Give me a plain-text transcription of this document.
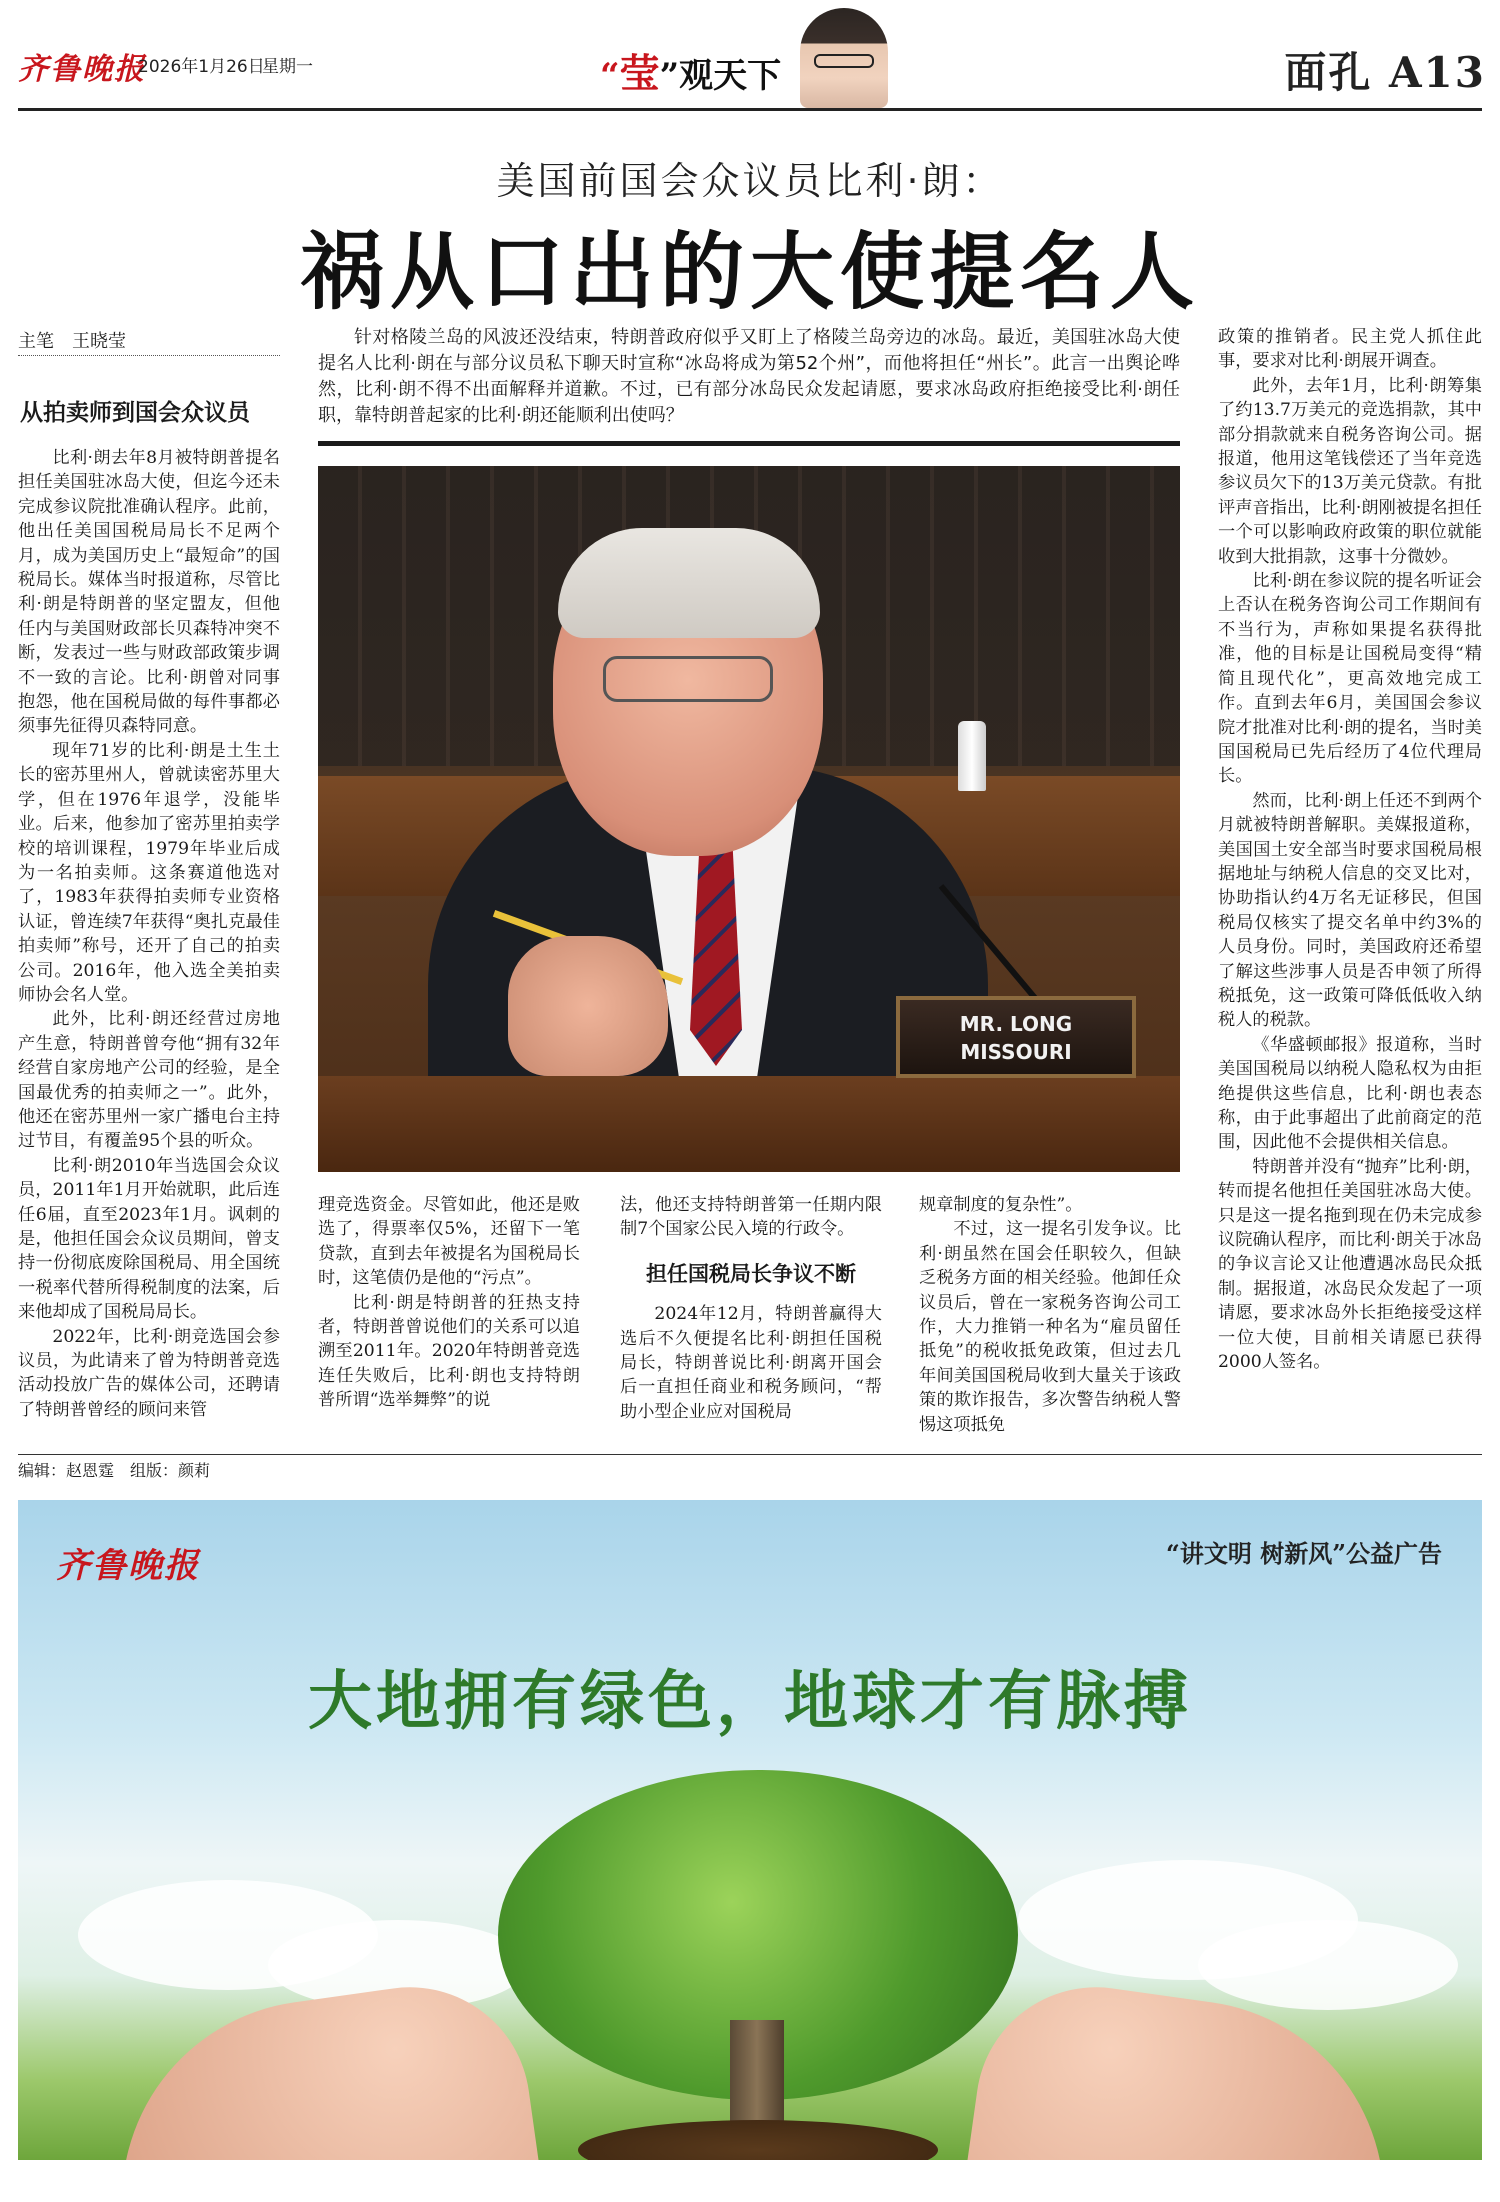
齐鲁晚报
2026年1月26日
星期一	“莹”观天下	面孔 A13
美国前国会众议员比利·朗：
祸从口出的大使提名人
主笔　王晓莹
从拍卖师到国会众议员

比利·朗去年8月被特朗普提名担任美国驻冰岛大使，但迄今还未完成参议院批准确认程序。此前，他出任美国国税局局长不足两个月，成为美国历史上“最短命”的国税局长。媒体当时报道称，尽管比利·朗是特朗普的坚定盟友，但他任内与美国财政部长贝森特冲突不断，发表过一些与财政部政策步调不一致的言论。比利·朗曾对同事抱怨，他在国税局做的每件事都必须事先征得贝森特同意。

现年71岁的比利·朗是土生土长的密苏里州人，曾就读密苏里大学，但在1976年退学，没能毕业。后来，他参加了密苏里拍卖学校的培训课程，1979年毕业后成为一名拍卖师。这条赛道他选对了，1983年获得拍卖师专业资格认证，曾连续7年获得“奥扎克最佳拍卖师”称号，还开了自己的拍卖公司。2016年，他入选全美拍卖师协会名人堂。

此外，比利·朗还经营过房地产生意，特朗普曾夸他“拥有32年经营自家房地产公司的经验，是全国最优秀的拍卖师之一”。此外，他还在密苏里州一家广播电台主持过节目，有覆盖95个县的听众。

比利·朗2010年当选国会众议员，2011年1月开始就职，此后连任6届，直至2023年1月。讽刺的是，他担任国会众议员期间，曾支持一份彻底废除国税局、用全国统一税率代替所得税制度的法案，后来他却成了国税局局长。

2022年，比利·朗竞选国会参议员，为此请来了曾为特朗普竞选活动投放广告的媒体公司，还聘请了特朗普曾经的顾问来管

针对格陵兰岛的风波还没结束，特朗普政府似乎又盯上了格陵兰岛旁边的冰岛。最近，美国驻冰岛大使提名人比利·朗在与部分议员私下聊天时宣称“冰岛将成为第52个州”，而他将担任“州长”。此言一出舆论哗然，比利·朗不得不出面解释并道歉。不过，已有部分冰岛民众发起请愿，要求冰岛政府拒绝接受比利·朗任职，靠特朗普起家的比利·朗还能顺利出使吗？

MR. LONG
MISSOURI

理竞选资金。尽管如此，他还是败选了，得票率仅5%，还留下一笔贷款，直到去年被提名为国税局长时，这笔债仍是他的“污点”。

比利·朗是特朗普的狂热支持者，特朗普曾说他们的关系可以追溯至2011年。2020年特朗普竞选连任失败后，比利·朗也支持特朗普所谓“选举舞弊”的说

法，他还支持特朗普第一任期内限制7个国家公民入境的行政令。

担任国税局长争议不断

2024年12月，特朗普赢得大选后不久便提名比利·朗担任国税局长，特朗普说比利·朗离开国会后一直担任商业和税务顾问，“帮助小型企业应对国税局

规章制度的复杂性”。

不过，这一提名引发争议。比利·朗虽然在国会任职较久，但缺乏税务方面的相关经验。他卸任众议员后，曾在一家税务咨询公司工作，大力推销一种名为“雇员留任抵免”的税收抵免政策，但过去几年间美国国税局收到大量关于该政策的欺诈报告，多次警告纳税人警惕这项抵免

政策的推销者。民主党人抓住此事，要求对比利·朗展开调查。

此外，去年1月，比利·朗筹集了约13.7万美元的竞选捐款，其中部分捐款就来自税务咨询公司。据报道，他用这笔钱偿还了当年竞选参议员欠下的13万美元贷款。有批评声音指出，比利·朗刚被提名担任一个可以影响政府政策的职位就能收到大批捐款，这事十分微妙。

比利·朗在参议院的提名听证会上否认在税务咨询公司工作期间有不当行为，声称如果提名获得批准，他的目标是让国税局变得“精简且现代化”，更高效地完成工作。直到去年6月，美国国会参议院才批准对比利·朗的提名，当时美国国税局已先后经历了4位代理局长。

然而，比利·朗上任还不到两个月就被特朗普解职。美媒报道称，美国国土安全部当时要求国税局根据地址与纳税人信息的交叉比对，协助指认约4万名无证移民，但国税局仅核实了提交名单中约3%的人员身份。同时，美国政府还希望了解这些涉事人员是否申领了所得税抵免，这一政策可降低低收入纳税人的税款。

《华盛顿邮报》报道称，当时美国国税局以纳税人隐私权为由拒绝提供这些信息，比利·朗也表态称，由于此事超出了此前商定的范围，因此他不会提供相关信息。

特朗普并没有“抛弃”比利·朗，转而提名他担任美国驻冰岛大使。只是这一提名拖到现在仍未完成参议院确认程序，而比利·朗关于冰岛的争议言论又让他遭遇冰岛民众抵制。据报道，冰岛民众发起了一项请愿，要求冰岛外长拒绝接受这样一位大使，目前相关请愿已获得2000人签名。

编辑：赵恩霆　组版：颜莉
齐鲁晚报	“讲文明 树新风”公益广告
大地拥有绿色，地球才有脉搏
